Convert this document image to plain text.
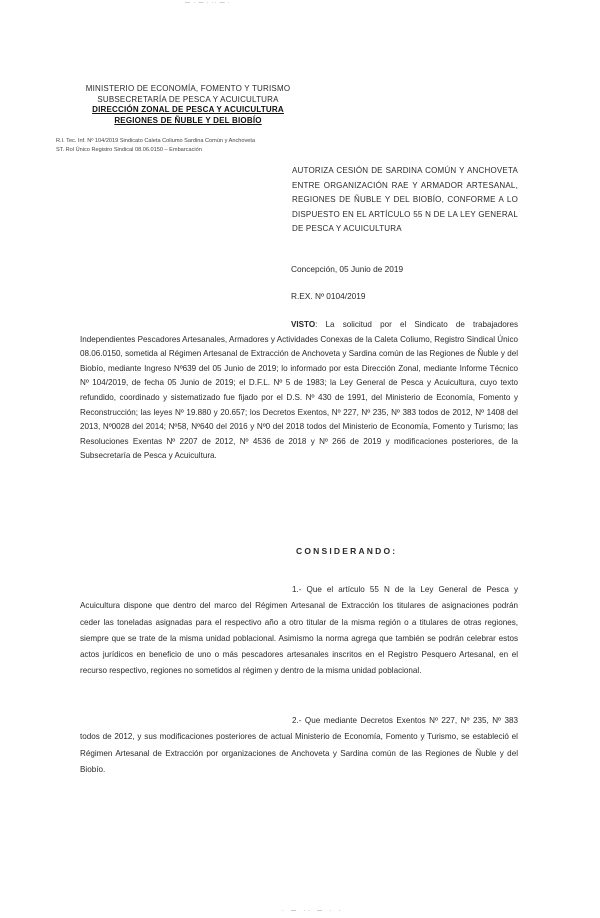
— · — · ·· — ·
MINISTERIO DE ECONOMÍA, FOMENTO Y TURISMO
SUBSECRETARÍA DE PESCA Y ACUICULTURA
DIRECCIÓN ZONAL DE PESCA Y ACUICULTURA
REGIONES DE ÑUBLE Y DEL BIOBÍO
R.I. Tec. Inf. Nº 104/2019 Sindicato Caleta Coliumo Sardina Común y Anchoveta
ST. Rol Único Registro Sindical 08.06.0150 – Embarcación
AUTORIZA CESIÓN DE SARDINA COMÚN Y ANCHOVETA ENTRE ORGANIZACIÓN RAE Y ARMADOR ARTESANAL, REGIONES DE ÑUBLE Y DEL BIOBÍO, CONFORME A LO DISPUESTO EN EL ARTÍCULO 55 N DE LA LEY GENERAL DE PESCA Y ACUICULTURA
Concepción, 05 Junio de 2019
R.EX. Nº 0104/2019
VISTO: La solicitud por el Sindicato de trabajadores Independientes Pescadores Artesanales, Armadores y Actividades Conexas de la Caleta Coliumo, Registro Sindical Único 08.06.0150, sometida al Régimen Artesanal de Extracción de Anchoveta y Sardina común de las Regiones de Ñuble y del Biobío, mediante Ingreso Nº639 del 05 Junio de 2019; lo informado por esta Dirección Zonal, mediante Informe Técnico Nº 104/2019, de fecha 05 Junio de 2019; el D.F.L. Nº 5 de 1983; la Ley General de Pesca y Acuicultura, cuyo texto refundido, coordinado y sistematizado fue fijado por el D.S. Nº 430 de 1991, del Ministerio de Economía, Fomento y Reconstrucción; las leyes Nº 19.880 y 20.657; los Decretos Exentos, Nº 227, Nº 235, Nº 383 todos de 2012, Nº 1408 del 2013, Nº0028 del 2014; Nº58, Nº640 del 2016 y Nº0 del 2018 todos del Ministerio de Economía, Fomento y Turismo; las Resoluciones Exentas Nº 2207 de 2012, Nº 4536 de 2018 y Nº 266 de 2019 y modificaciones posteriores, de la Subsecretaría de Pesca y Acuicultura.
CONSIDERANDO:
1.- Que el artículo 55 N de la Ley General de Pesca y Acuicultura dispone que dentro del marco del Régimen Artesanal de Extracción los titulares de asignaciones podrán ceder las toneladas asignadas para el respectivo año a otro titular de la misma región o a titulares de otras regiones, siempre que se trate de la misma unidad poblacional. Asimismo la norma agrega que también se podrán celebrar estos actos jurídicos en beneficio de uno o más pescadores artesanales inscritos en el Registro Pesquero Artesanal, en el recurso respectivo, regiones no sometidos al régimen y dentro de la misma unidad poblacional.
2.- Que mediante Decretos Exentos Nº 227, Nº 235, Nº 383 todos de 2012, y sus modificaciones posteriores de actual Ministerio de Economía, Fomento y Turismo, se estableció el Régimen Artesanal de Extracción por organizaciones de Anchoveta y Sardina común de las Regiones de Ñuble y del Biobío.
· — ·· — · ·
